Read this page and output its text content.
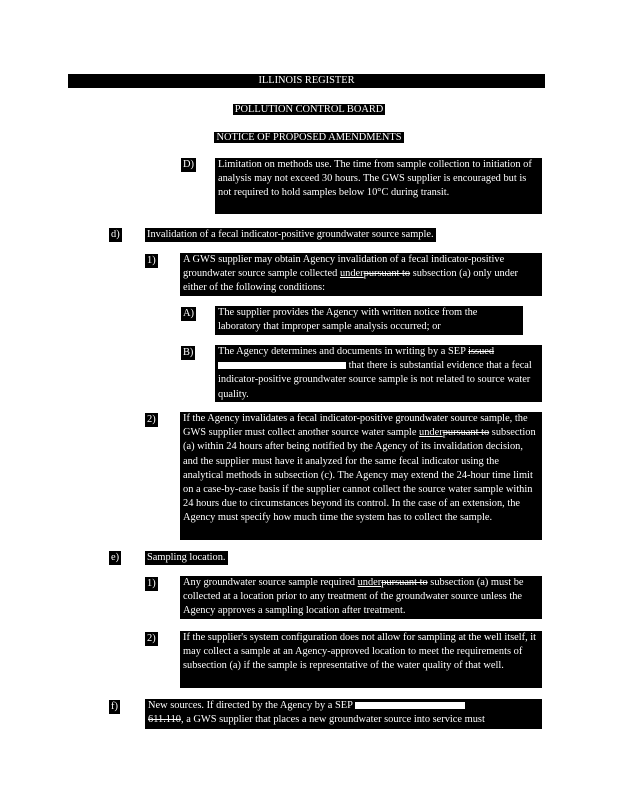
ILLINOIS REGISTER
POLLUTION CONTROL BOARD
NOTICE OF PROPOSED AMENDMENTS
D) Limitation on methods use. The time from sample collection to initiation of analysis may not exceed 30 hours. The GWS supplier is encouraged but is not required to hold samples below 10°C during transit.

d)	Invalidation of a fecal indicator-positive groundwater source sample.
1)	A GWS supplier may obtain Agency invalidation of a fecal indicator-positive groundwater source sample collected underpursuant to subsection (a) only under either of the following conditions:
A) The supplier provides the Agency with written notice from the laboratory that improper sample analysis occurred; or

B) The Agency determines and documents in writing by a SEP issued  that there is substantial evidence that a fecal indicator-positive groundwater source sample is not related to source water quality.
2)	If the Agency invalidates a fecal indicator-positive groundwater source sample, the GWS supplier must collect another source water sample underpursuant to subsection (a) within 24 hours after being notified by the Agency of its invalidation decision, and the supplier must have it analyzed for the same fecal indicator using the analytical methods in subsection (c). The Agency may extend the 24-hour time limit on a case-by-case basis if the supplier cannot collect the source water sample within 24 hours due to circumstances beyond its control. In the case of an extension, the Agency must specify how much time the system has to collect the sample.
e)	Sampling location.
1)	Any groundwater source sample required underpursuant to subsection (a) must be collected at a location prior to any treatment of the groundwater source unless the Agency approves a sampling location after treatment.
2)	If the supplier's system configuration does not allow for sampling at the well itself, it may collect a sample at an Agency-approved location to meet the requirements of subsection (a) if the sample is representative of the water quality of that well.

f)	New sources. If directed by the Agency by a SEP
611.110, a GWS supplier that places a new groundwater source into service must
